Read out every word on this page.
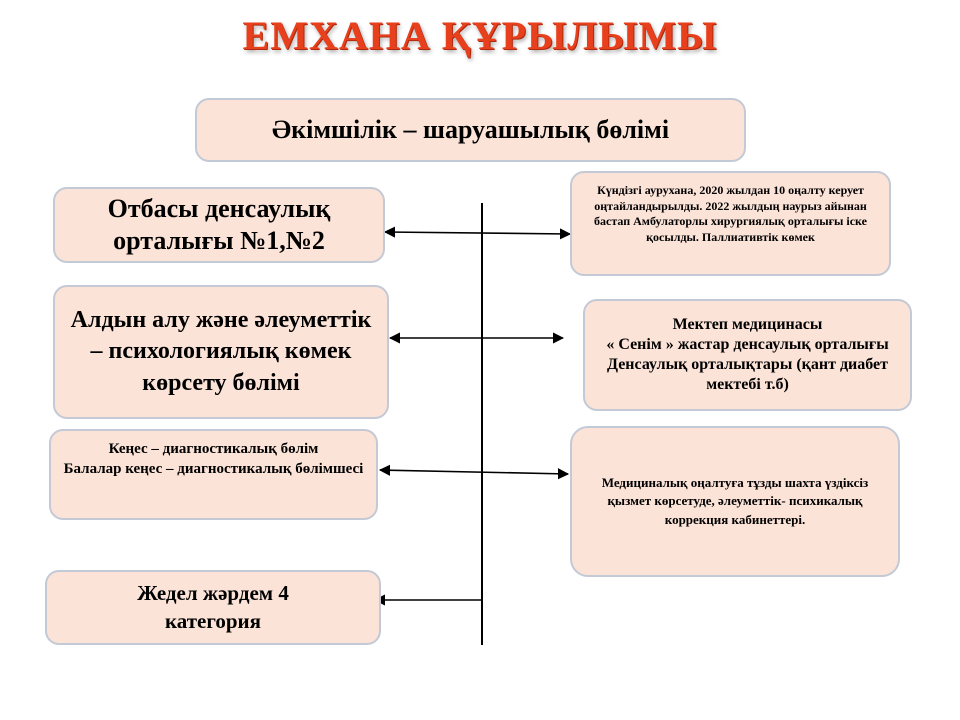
ЕМХАНА ҚҰРЫЛЫМЫ
Әкімшілік – шаруашылық бөлімі
Отбасы денсаулық орталығы №1,№2
Алдын алу және әлеуметтік – психологиялық көмек көрсету бөлімі
Кеңес – диагностикалық бөлім
Балалар кеңес – диагностикалық бөлімшесі
Жедел жәрдем 4 категория
Күндізгі аурухана, 2020 жылдан 10 оңалту керует оңтайландырылды. 2022 жылдың наурыз айынан бастап Амбулаторлы хирургиялық орталығы іске қосылды. Паллиативтік көмек
Мектеп медицинасы
« Сенім » жастар денсаулық орталығы
Денсаулық орталықтары (қант диабет мектебі т.б)
Медициналық оңалтуға тұзды шахта үздіксіз қызмет көрсетуде, әлеуметтік- психикалық коррекция кабинеттері.
